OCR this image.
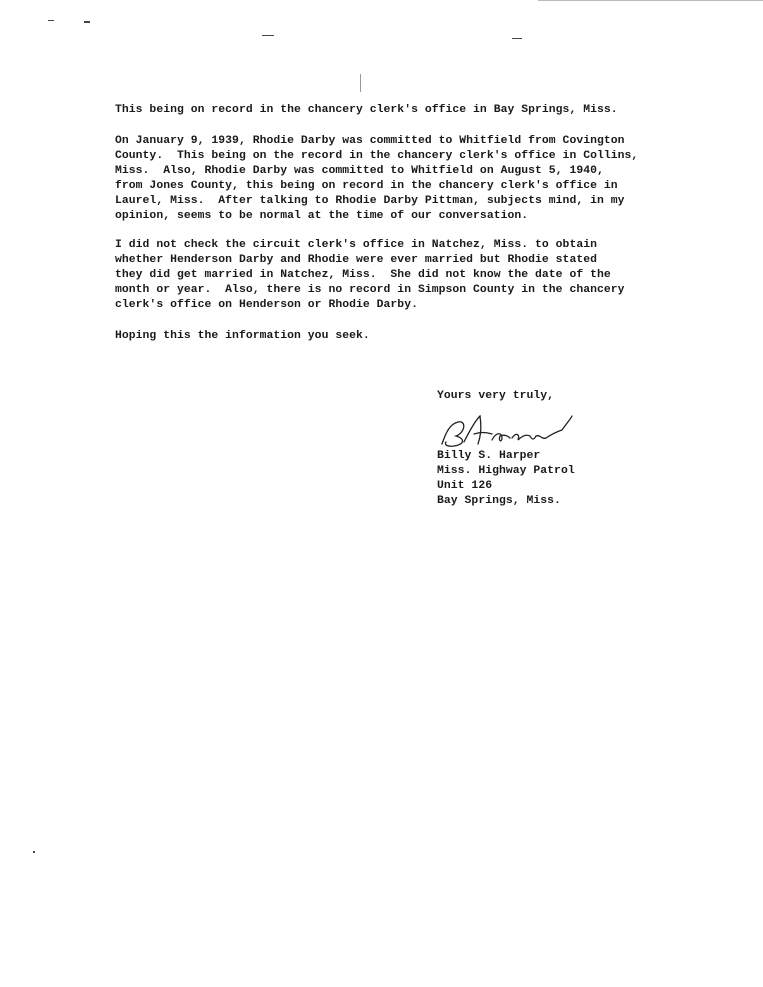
This being on record in the chancery clerk's office in Bay Springs, Miss.
On January 9, 1939, Rhodie Darby was committed to Whitfield from Covington
County.  This being on the record in the chancery clerk's office in Collins,
Miss.  Also, Rhodie Darby was committed to Whitfield on August 5, 1940,
from Jones County, this being on record in the chancery clerk's office in
Laurel, Miss.  After talking to Rhodie Darby Pittman, subjects mind, in my
opinion, seems to be normal at the time of our conversation.
I did not check the circuit clerk's office in Natchez, Miss. to obtain
whether Henderson Darby and Rhodie were ever married but Rhodie stated
they did get married in Natchez, Miss.  She did not know the date of the
month or year.  Also, there is no record in Simpson County in the chancery
clerk's office on Henderson or Rhodie Darby.
Hoping this the information you seek.
Yours very truly,
Billy S. Harper
Miss. Highway Patrol
Unit 126
Bay Springs, Miss.
